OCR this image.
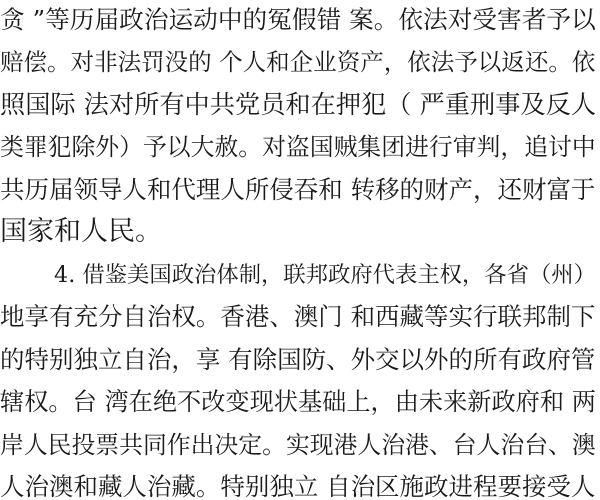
贪 ”等历届政治运动中的冤假错 案。依法对受害者予以
赔偿。对非法罚没的 个人和企业资产，依法予以返还。依
照国际 法对所有中共党员和在押犯（ 严重刑事及反人
类罪犯除外）予以大赦。对盗国贼集团进行审判，追讨中
共历届领导人和代理人所侵吞和 转移的财产，还财富于
国家和人民。
4. 借鉴美国政治体制，联邦政府代表主权，各省（州）
地享有充分自治权。香港、澳门 和西藏等实行联邦制下
的特别独立自治，享 有除国防、外交以外的所有政府管
辖权。台 湾在绝不改变现状基础上，由未来新政府和 两
岸人民投票共同作出决定。实现港人治港、台人治台、澳
人治澳和藏人治藏。特别独立 自治区施政进程要接受人
